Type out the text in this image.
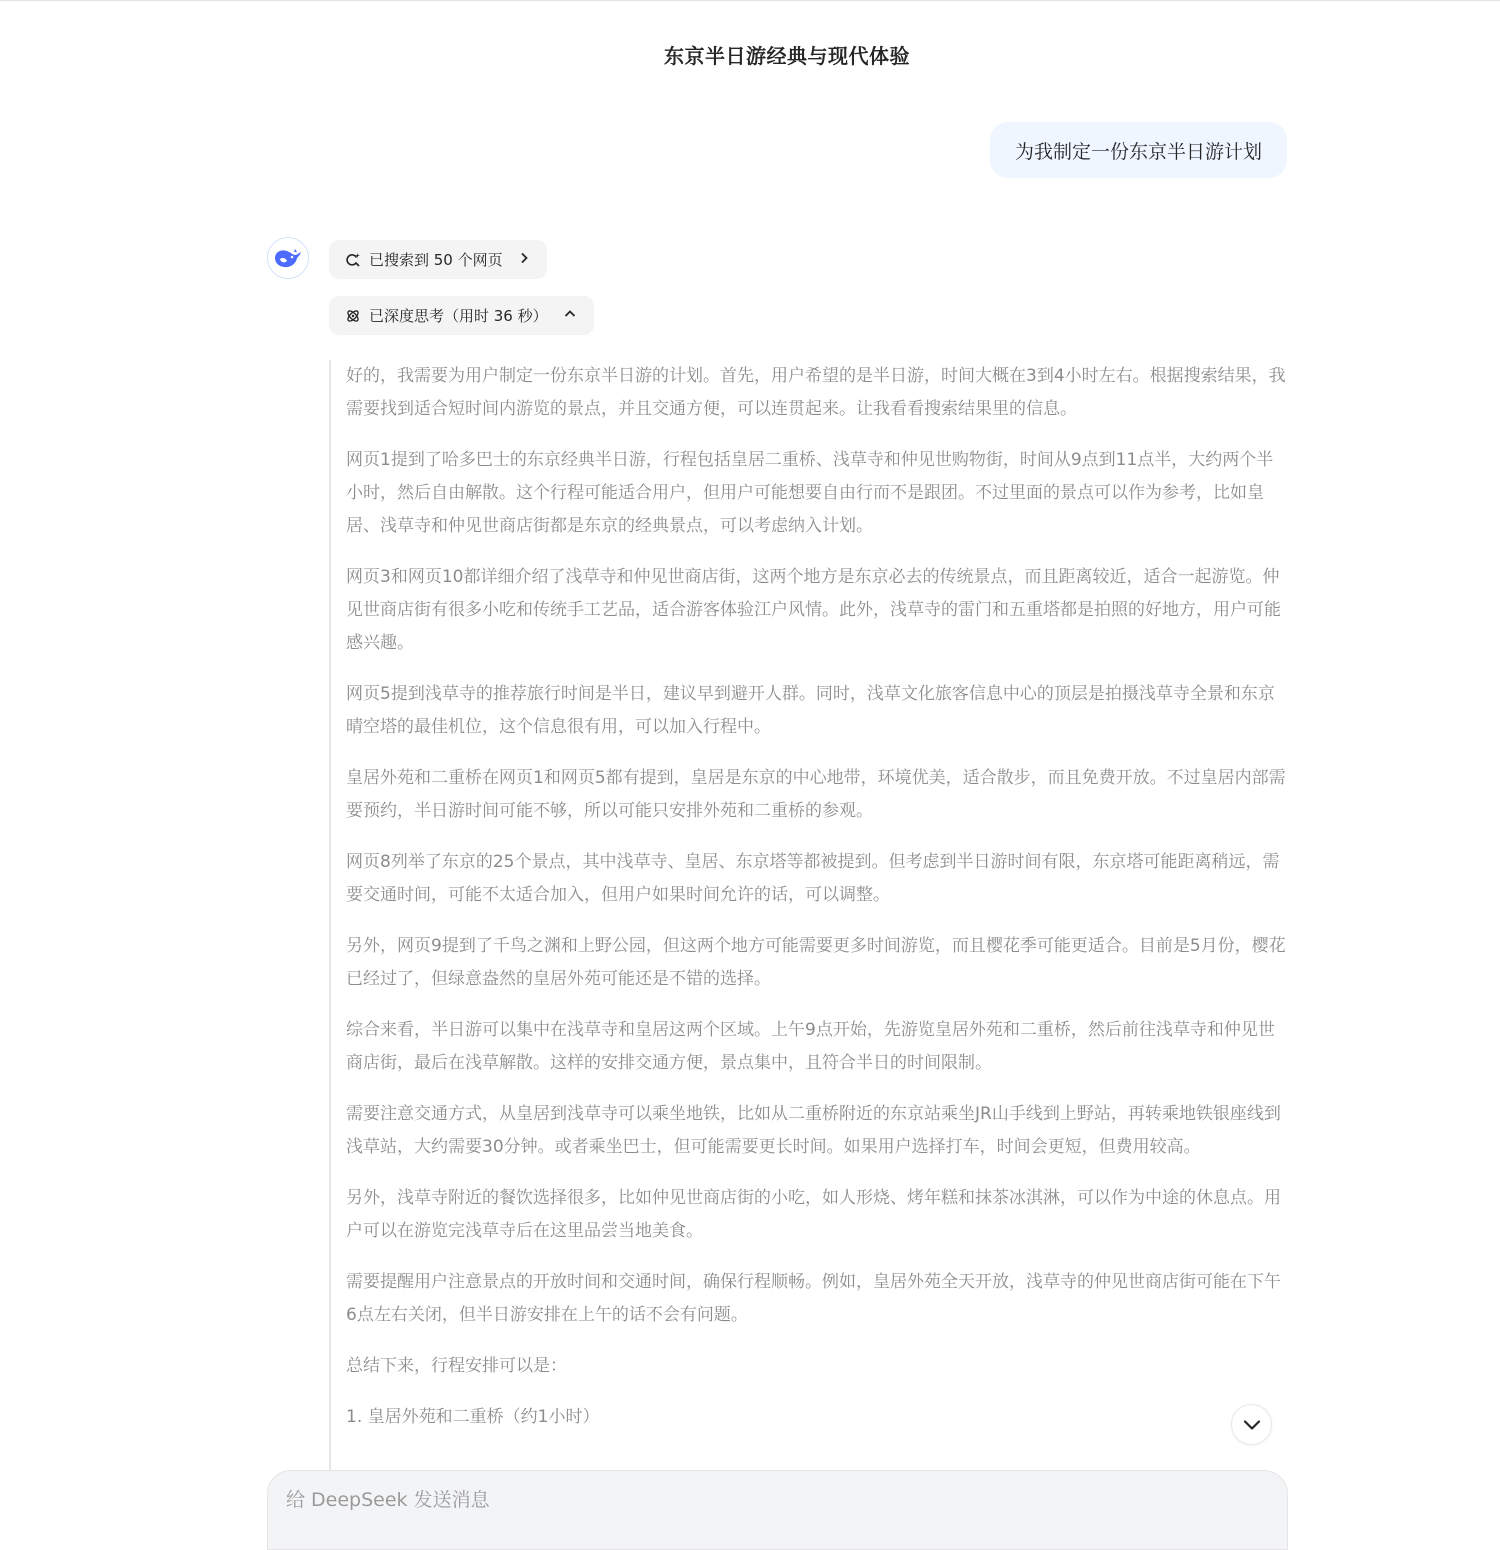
东京半日游经典与现代体验
为我制定一份东京半日游计划
已搜索到 50 个网页
已深度思考（用时 36 秒）

好的，我需要为用户制定一份东京半日游的计划。首先，用户希望的是半日游，时间大概在3到4小时左右。根据搜索结果，我需要找到适合短时间内游览的景点，并且交通方便，可以连贯起来。让我看看搜索结果里的信息。

网页1提到了哈多巴士的东京经典半日游，行程包括皇居二重桥、浅草寺和仲见世购物街，时间从9点到11点半，大约两个半小时，然后自由解散。这个行程可能适合用户，但用户可能想要自由行而不是跟团。不过里面的景点可以作为参考，比如皇居、浅草寺和仲见世商店街都是东京的经典景点，可以考虑纳入计划。

网页3和网页10都详细介绍了浅草寺和仲见世商店街，这两个地方是东京必去的传统景点，而且距离较近，适合一起游览。仲见世商店街有很多小吃和传统手工艺品，适合游客体验江户风情。此外，浅草寺的雷门和五重塔都是拍照的好地方，用户可能感兴趣。

网页5提到浅草寺的推荐旅行时间是半日，建议早到避开人群。同时，浅草文化旅客信息中心的顶层是拍摄浅草寺全景和东京晴空塔的最佳机位，这个信息很有用，可以加入行程中。

皇居外苑和二重桥在网页1和网页5都有提到，皇居是东京的中心地带，环境优美，适合散步，而且免费开放。不过皇居内部需要预约，半日游时间可能不够，所以可能只安排外苑和二重桥的参观。

网页8列举了东京的25个景点，其中浅草寺、皇居、东京塔等都被提到。但考虑到半日游时间有限，东京塔可能距离稍远，需要交通时间，可能不太适合加入，但用户如果时间允许的话，可以调整。

另外，网页9提到了千鸟之渊和上野公园，但这两个地方可能需要更多时间游览，而且樱花季可能更适合。目前是5月份，樱花已经过了，但绿意盎然的皇居外苑可能还是不错的选择。

综合来看，半日游可以集中在浅草寺和皇居这两个区域。上午9点开始，先游览皇居外苑和二重桥，然后前往浅草寺和仲见世商店街，最后在浅草解散。这样的安排交通方便，景点集中，且符合半日的时间限制。

需要注意交通方式，从皇居到浅草寺可以乘坐地铁，比如从二重桥附近的东京站乘坐JR山手线到上野站，再转乘地铁银座线到浅草站，大约需要30分钟。或者乘坐巴士，但可能需要更长时间。如果用户选择打车，时间会更短，但费用较高。

另外，浅草寺附近的餐饮选择很多，比如仲见世商店街的小吃，如人形烧、烤年糕和抹茶冰淇淋，可以作为中途的休息点。用户可以在游览完浅草寺后在这里品尝当地美食。

需要提醒用户注意景点的开放时间和交通时间，确保行程顺畅。例如，皇居外苑全天开放，浅草寺的仲见世商店街可能在下午6点左右关闭，但半日游安排在上午的话不会有问题。

总结下来，行程安排可以是：

1. 皇居外苑和二重桥（约1小时）

给 DeepSeek 发送消息
